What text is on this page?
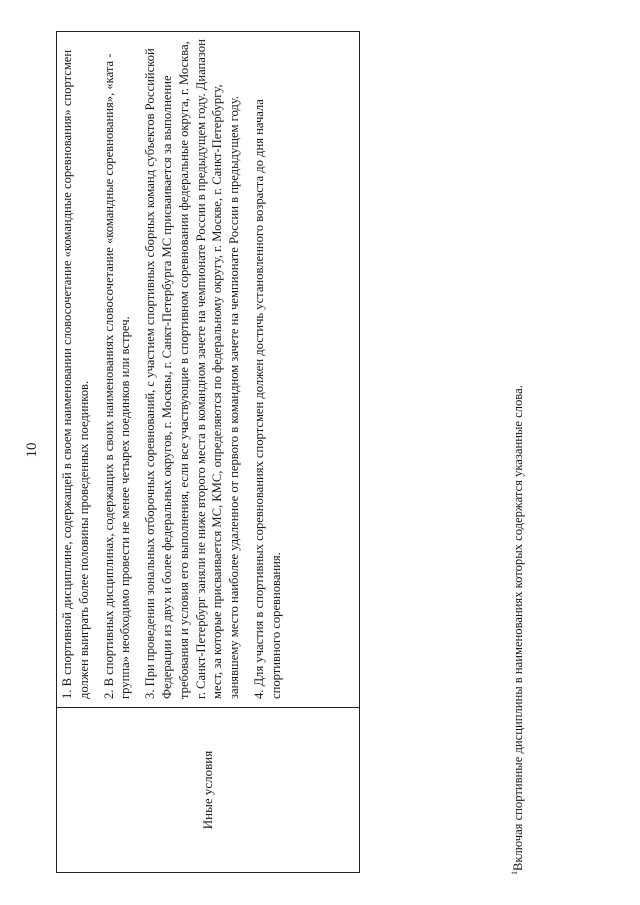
10
Иные условия

1. В спортивной дисциплине, содержащей в своем наименовании словосочетание «командные соревнования» спортсмен должен выиграть более половины проведенных поединков. 2. В спортивных дисциплинах, содержащих в своих наименованиях словосочетание «командные соревнования», «ката - группа» необходимо провести не менее четырех поединков или встреч. 3. При проведении зональных отборочных соревнований, с участием спортивных сборных команд субъектов Российской Федерации из двух и более федеральных округов, г. Москвы, г. Санкт-Петербурга МС присваивается за выполнение требования и условия его выполнения, если все участвующие в спортивном соревновании федеральные округа, г. Москва, г. Санкт-Петербург заняли не ниже второго места в командном зачете на чемпионате России в предыдущем году. Диапазон мест, за которые присваивается МС, КМС, определяются по федеральному округу, г. Москве, г. Санкт-Петербургу, занявшему место наиболее удаленное от первого в командном зачете на чемпионате России в предыдущем году. 4. Для участия в спортивных соревнованиях спортсмен должен достичь установленного возраста до дня начала спортивного соревнования.

$^1$Включая спортивные дисциплины в наименованиях которых содержатся указанные слова.
